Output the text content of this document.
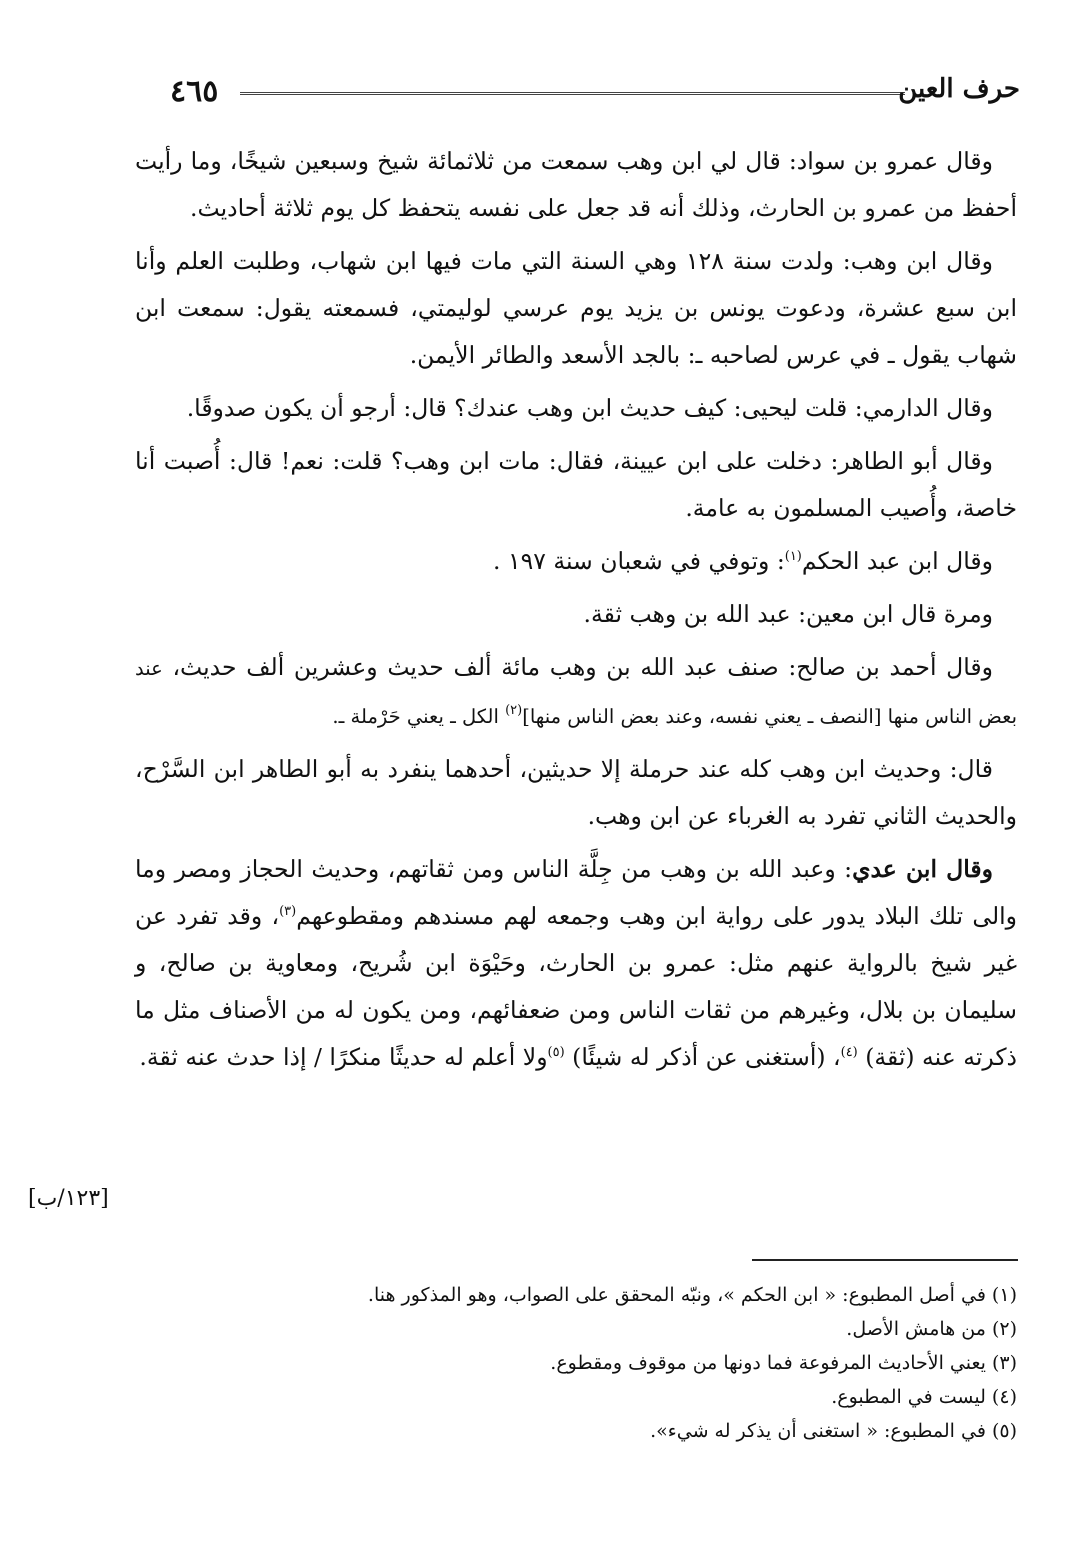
٤٦٥	حرف العين

وقال عمرو بن سواد: قال لي ابن وهب سمعت من ثلاثمائة شيخ وسبعين شيخًا، وما رأيت أحفظ من عمرو بن الحارث، وذلك أنه قد جعل على نفسه يتحفظ كل يوم ثلاثة أحاديث.

وقال ابن وهب: ولدت سنة ١٢٨ وهي السنة التي مات فيها ابن شهاب، وطلبت العلم وأنا ابن سبع عشرة، ودعوت يونس بن يزيد يوم عرسي لوليمتي، فسمعته يقول: سمعت ابن شهاب يقول ـ في عرس لصاحبه ـ: بالجد الأسعد والطائر الأيمن.

وقال الدارمي: قلت ليحيى: كيف حديث ابن وهب عندك؟ قال: أرجو أن يكون صدوقًا.

وقال أبو الطاهر: دخلت على ابن عيينة، فقال: مات ابن وهب؟ قلت: نعم! قال: أُصبت أنا خاصة، وأُصيب المسلمون به عامة.

وقال ابن عبد الحكم$^{(١)}$: وتوفي في شعبان سنة ١٩٧ .

ومرة قال ابن معين: عبد الله بن وهب ثقة.

وقال أحمد بن صالح: صنف عبد الله بن وهب مائة ألف حديث وعشرين ألف حديث، عند بعض الناس منها [النصف ـ يعني نفسه، وعند بعض الناس منها]$^{(٢)}$ الكل ـ يعني حَرْملة ـ.

قال: وحديث ابن وهب كله عند حرملة إلا حديثين، أحدهما ينفرد به أبو الطاهر ابن السَّرْح، والحديث الثاني تفرد به الغرباء عن ابن وهب.

وقال ابن عدي: وعبد الله بن وهب من جِلَّة الناس ومن ثقاتهم، وحديث الحجاز ومصر وما والى تلك البلاد يدور على رواية ابن وهب وجمعه لهم مسندهم ومقطوعهم$^{(٣)}$، وقد تفرد عن غير شيخ بالرواية عنهم مثل: عمرو بن الحارث، وحَيْوَة ابن شُريح، ومعاوية بن صالح، و سليمان بن بلال، وغيرهم من ثقات الناس ومن ضعفائهم، ومن يكون له من الأصناف مثل ما ذكرته عنه (ثقة) $^{(٤)}$، (أستغنى عن أذكر له شيئًا) $^{(٥)}$ولا أعلم له حديثًا منكرًا / إذا حدث عنه ثقة.

[١٢٣/ب]

(١) في أصل المطبوع: « ابن الحكم »، ونبّه المحقق على الصواب، وهو المذكور هنا.

(٢) من هامش الأصل.

(٣) يعني الأحاديث المرفوعة فما دونها من موقوف ومقطوع.

(٤) ليست في المطبوع.

(٥) في المطبوع: « استغنى أن يذكر له شيء».
